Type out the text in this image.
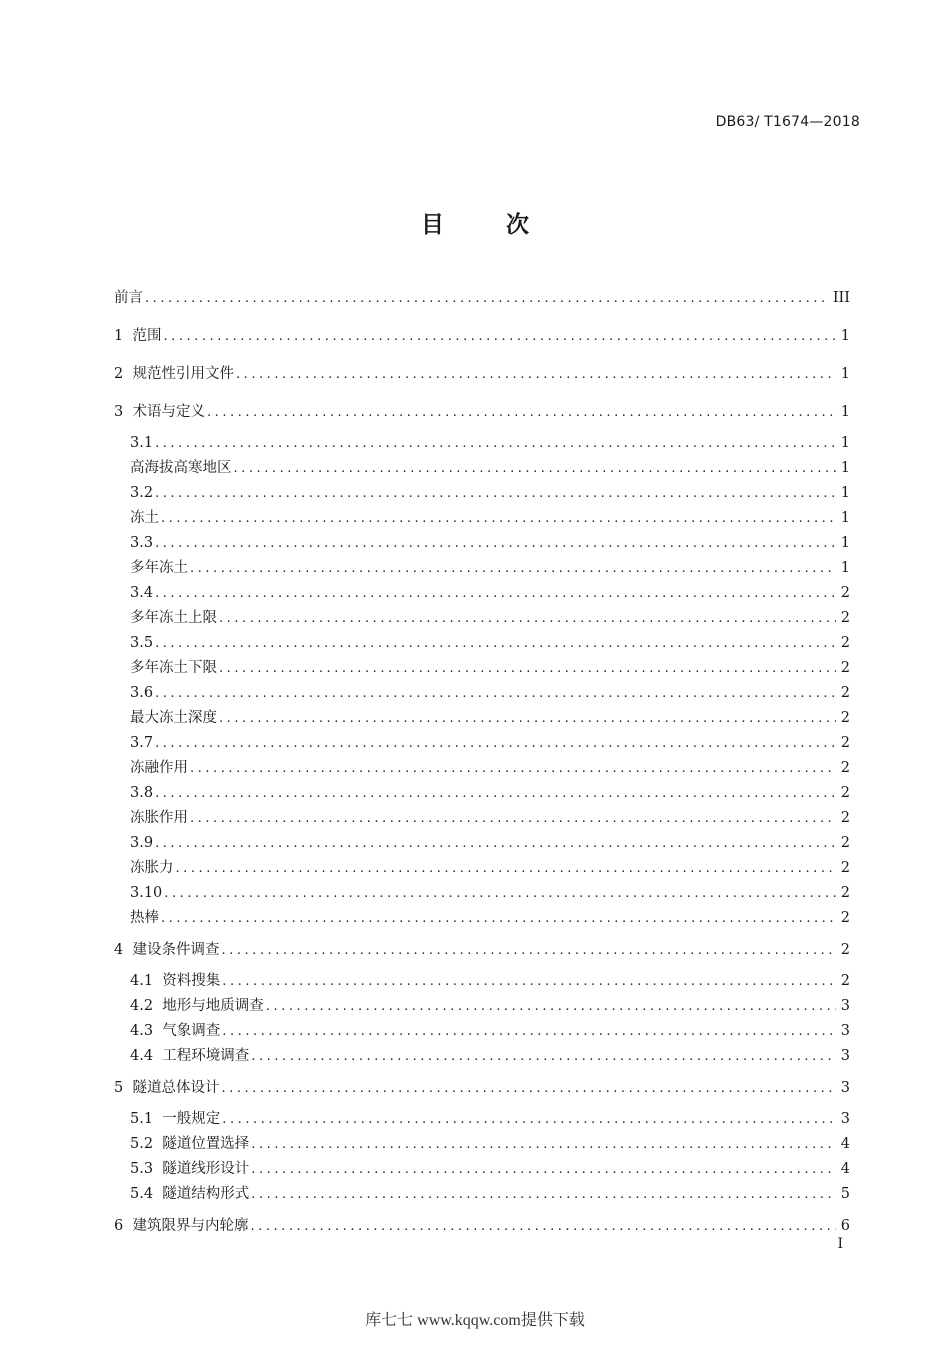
DB63/ T1674—2018
目	次
前言 .....	III
1 范围 .....	1
2 规范性引用文件 .....	1
3 术语与定义 .....	1
3.1 .....	1
高海拔高寒地区 .....	1
3.2 .....	1
冻土 .....	1
3.3 .....	1
多年冻土 .....	1
3.4 .....	2
多年冻土上限 .....	2
3.5 .....	2
多年冻土下限 .....	2
3.6 .....	2
最大冻土深度 .....	2
3.7 .....	2
冻融作用 .....	2
3.8 .....	2
冻胀作用 .....	2
3.9 .....	2
冻胀力 .....	2
3.10 .....	2
热棒 .....	2
4 建设条件调查 .....	2
4.1 资料搜集 .....	2
4.2 地形与地质调查 .....	3
4.3 气象调查 .....	3
4.4 工程环境调查 .....	3
5 隧道总体设计 .....	3
5.1 一般规定 .....	3
5.2 隧道位置选择 .....	4
5.3 隧道线形设计 .....	4
5.4 隧道结构形式 .....	5
6 建筑限界与内轮廓 .....	6
I
库七七 www.kqqw.com提供下载
